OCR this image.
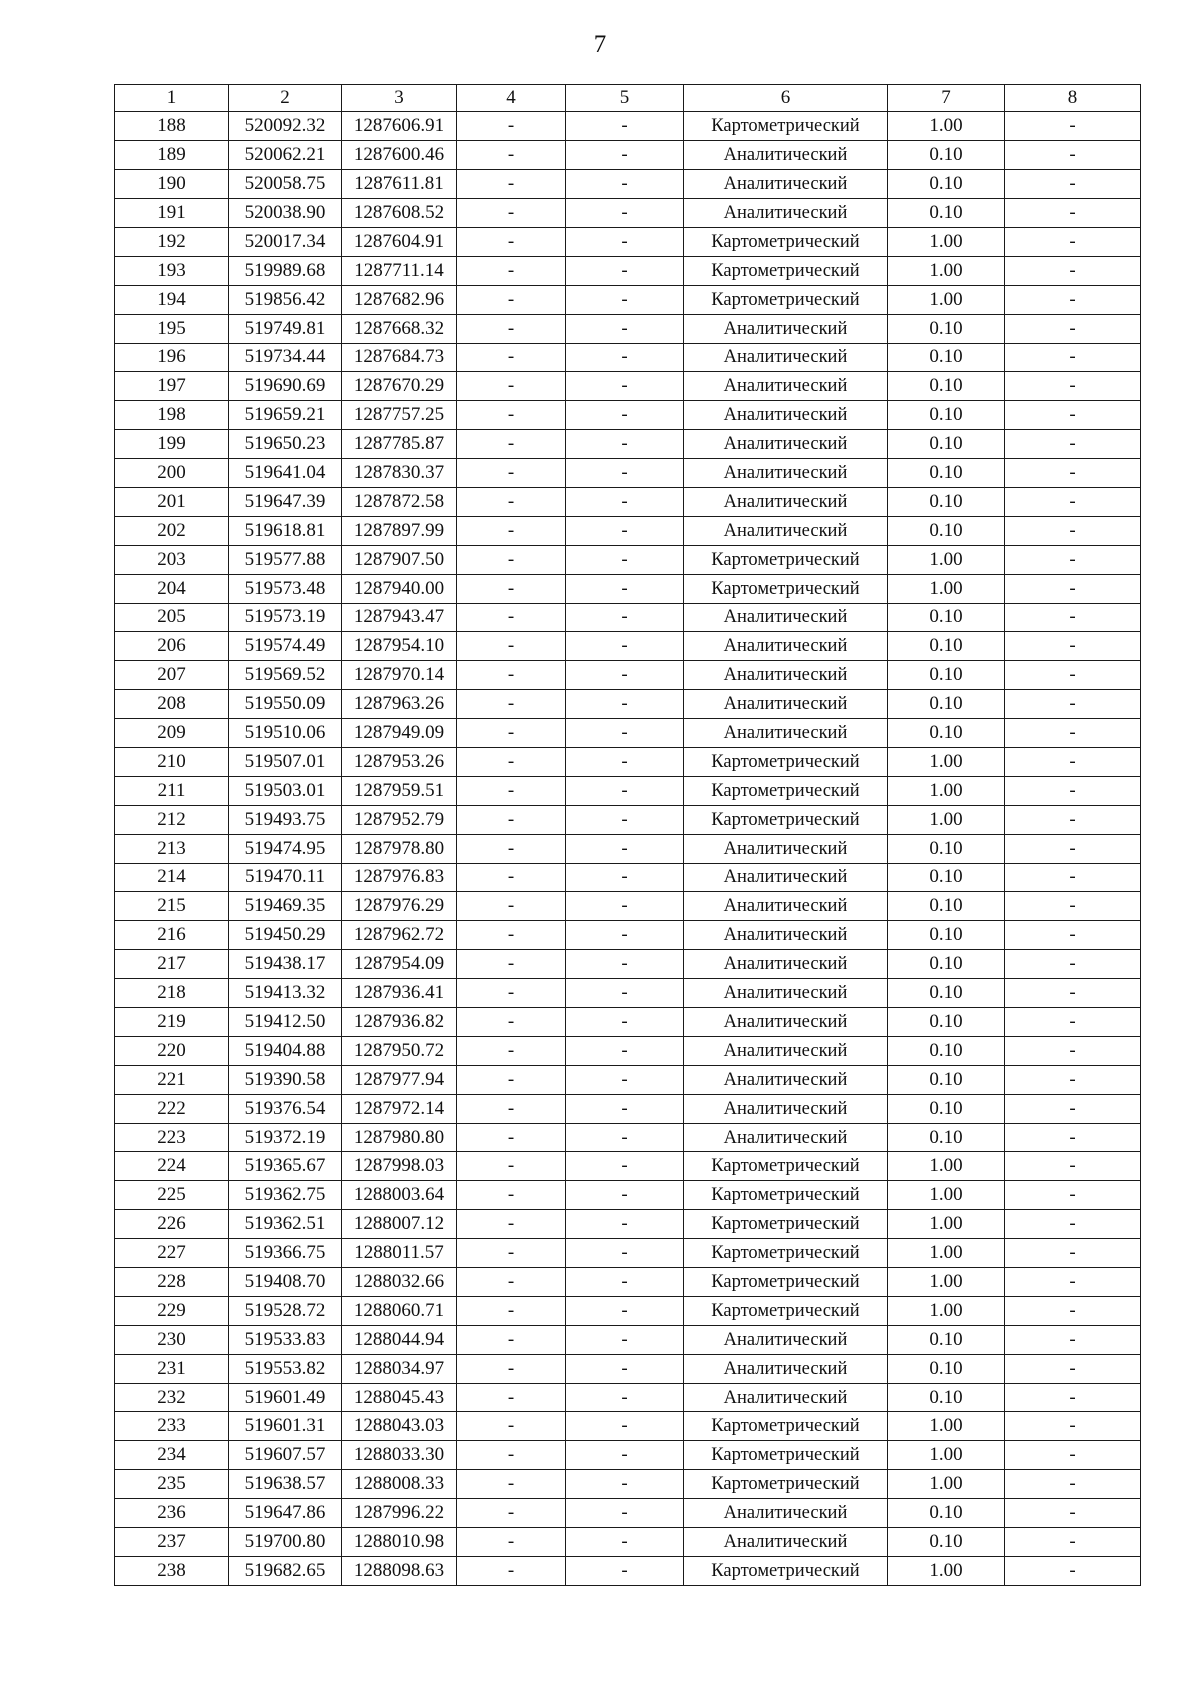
7
1	2	3	4	5	6	7	8
188	520092.32	1287606.91	-	-	Картометрический	1.00	-
189	520062.21	1287600.46	-	-	Аналитический	0.10	-
190	520058.75	1287611.81	-	-	Аналитический	0.10	-
191	520038.90	1287608.52	-	-	Аналитический	0.10	-
192	520017.34	1287604.91	-	-	Картометрический	1.00	-
193	519989.68	1287711.14	-	-	Картометрический	1.00	-
194	519856.42	1287682.96	-	-	Картометрический	1.00	-
195	519749.81	1287668.32	-	-	Аналитический	0.10	-
196	519734.44	1287684.73	-	-	Аналитический	0.10	-
197	519690.69	1287670.29	-	-	Аналитический	0.10	-
198	519659.21	1287757.25	-	-	Аналитический	0.10	-
199	519650.23	1287785.87	-	-	Аналитический	0.10	-
200	519641.04	1287830.37	-	-	Аналитический	0.10	-
201	519647.39	1287872.58	-	-	Аналитический	0.10	-
202	519618.81	1287897.99	-	-	Аналитический	0.10	-
203	519577.88	1287907.50	-	-	Картометрический	1.00	-
204	519573.48	1287940.00	-	-	Картометрический	1.00	-
205	519573.19	1287943.47	-	-	Аналитический	0.10	-
206	519574.49	1287954.10	-	-	Аналитический	0.10	-
207	519569.52	1287970.14	-	-	Аналитический	0.10	-
208	519550.09	1287963.26	-	-	Аналитический	0.10	-
209	519510.06	1287949.09	-	-	Аналитический	0.10	-
210	519507.01	1287953.26	-	-	Картометрический	1.00	-
211	519503.01	1287959.51	-	-	Картометрический	1.00	-
212	519493.75	1287952.79	-	-	Картометрический	1.00	-
213	519474.95	1287978.80	-	-	Аналитический	0.10	-
214	519470.11	1287976.83	-	-	Аналитический	0.10	-
215	519469.35	1287976.29	-	-	Аналитический	0.10	-
216	519450.29	1287962.72	-	-	Аналитический	0.10	-
217	519438.17	1287954.09	-	-	Аналитический	0.10	-
218	519413.32	1287936.41	-	-	Аналитический	0.10	-
219	519412.50	1287936.82	-	-	Аналитический	0.10	-
220	519404.88	1287950.72	-	-	Аналитический	0.10	-
221	519390.58	1287977.94	-	-	Аналитический	0.10	-
222	519376.54	1287972.14	-	-	Аналитический	0.10	-
223	519372.19	1287980.80	-	-	Аналитический	0.10	-
224	519365.67	1287998.03	-	-	Картометрический	1.00	-
225	519362.75	1288003.64	-	-	Картометрический	1.00	-
226	519362.51	1288007.12	-	-	Картометрический	1.00	-
227	519366.75	1288011.57	-	-	Картометрический	1.00	-
228	519408.70	1288032.66	-	-	Картометрический	1.00	-
229	519528.72	1288060.71	-	-	Картометрический	1.00	-
230	519533.83	1288044.94	-	-	Аналитический	0.10	-
231	519553.82	1288034.97	-	-	Аналитический	0.10	-
232	519601.49	1288045.43	-	-	Аналитический	0.10	-
233	519601.31	1288043.03	-	-	Картометрический	1.00	-
234	519607.57	1288033.30	-	-	Картометрический	1.00	-
235	519638.57	1288008.33	-	-	Картометрический	1.00	-
236	519647.86	1287996.22	-	-	Аналитический	0.10	-
237	519700.80	1288010.98	-	-	Аналитический	0.10	-
238	519682.65	1288098.63	-	-	Картометрический	1.00	-
